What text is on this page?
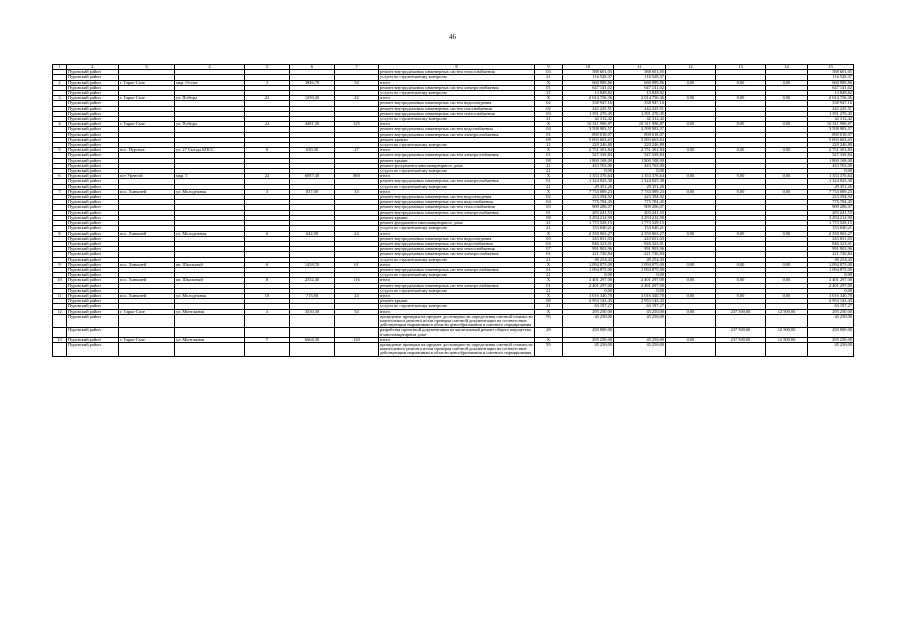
46
1	2	3	4	5	6	7	8	9	10	11	12	13	14	15
	Пуровский район						ремонт внутридомовых инженерных систем теплоснабжения	03	588 601,05	588 601,05				588 601,05
	Пуровский район						услуги по строительному контролю	21	116 528,37	116 528,37				116 528,37
2	Пуровский район	г. Тарко-Сале	мкр. Геолог	3	3846,70	54	итого	X	660 989,86	660 989,86	0,00	0,00	0,00	660 989,86
	Пуровский район						ремонт внутридомовых инженерных систем электроснабжения	01	647 141,02	647 141,02				647 141,02
	Пуровский район						услуги по строительному контролю	21	13 848,82	13 848,82				13 848,82
3	Пуровский район	г. Тарко-Сале	ул. Победы	22	1250,20	22	итого	X	2 014 756,36	2 014 756,36	0,00	0,00	0,00	2 014 756,36
	Пуровский район						ремонт внутридомовых инженерных систем водоотведения	02	338 947,16	338 947,16				338 947,16
	Пуровский район						ремонт внутридомовых инженерных систем газоснабжения	02	242 225,51	242 225,51				242 225,51
	Пуровский район						ремонт внутридомовых инженерных систем теплоснабжения	03	1 391 270,45	1 391 270,45				1 391 270,45
	Пуровский район						услуги по строительному контролю	21	42 312,42	42 312,42				42 312,42
4	Пуровский район	г. Тарко-Сале	ул. Победы	22	4481,30	125	итого	X	10 311 996,87	10 311 996,87	0,00	0,00	0,00	10 311 996,87
	Пуровский район						ремонт внутридомовых инженерных систем водоснабжения	04	3 598 983,57	3 598 983,57				3 598 983,57
	Пуровский район						ремонт внутридомовых инженерных систем электроснабжения	01	890 018,07	890 018,07				890 018,07
	Пуровский район						ремонт кровли	08	5 003 663,63	5 003 663,63				5 003 663,63
	Пуровский район						услуги по строительному контролю	21	220 246,80	220 246,80				220 246,80
5	Пуровский район	пос. Пуровск	ул. 27 Съезда КПСС	8	630,30	27	итого	X	2 751 301,84	2 751 301,84	0,00	0,00	0,00	2 751 301,84
	Пуровский район						ремонт внутридомовых инженерных систем электроснабжения	01	547 339,84	547 339,84				547 339,84
	Пуровский район						ремонт крыши	08	1 800 108,00	1 800 108,00				1 800 108,00
	Пуровский район						ремонт фундамента многоквартирного дома	21	443 763,00	443 763,00				443 763,00
	Пуровский район						услуги по строительному контролю	21	0,00	0,00				0,00
6	Пуровский район	пгт Уренгой	мкр. 5	22	6087,40	860	итого	X	1 353 376,64	1 353 376,64	0,00	0,00	0,00	1 353 376,64
	Пуровский район						ремонт внутридомовых инженерных систем электроснабжения	01	1 324 025,38	1 324 025,38				1 324 025,38
	Пуровский район						услуги по строительному контролю	21	29 351,26	29 351,26				29 351,26
7	Пуровский район	пос. Ханымей	ул. Молодежная	3	837,00	33	итого	X	7 733 089,23	7 733 089,23	0,00	0,00	0,00	7 733 089,23
	Пуровский район						ремонт внутридомовых инженерных систем водоотведения	02	223 394,92	223 394,92				223 394,92
	Пуровский район						ремонт внутридомовых инженерных систем водоснабжения	04	775 784,45	775 784,45				775 784,45
	Пуровский район						ремонт внутридомовых инженерных систем теплоснабжения	03	909 206,07	909 206,07				909 206,07
	Пуровский район						ремонт внутридомовых инженерных систем электроснабжения	01	203 241,53	203 241,53				203 241,53
	Пуровский район						ремонт крыши	08	3 294 212,90	3 294 212,90				3 294 212,90
	Пуровский район						ремонт фундамента многоквартирного дома	21	1 773 529,15	1 773 529,15				1 773 529,15
	Пуровский район						услуги по строительному контролю	21	153 640,21	153 640,21				153 640,21
8	Пуровский район	пос. Ханымей	ул. Молодежная	6	642,00	24	итого	X	2 350 963,27	2 350 963,27	0,00	0,00	0,00	2 350 963,27
	Пуровский район						ремонт внутридомовых инженерных систем водоотведения	05	243 651,03	243 651,03				243 651,03
	Пуровский район						ремонт внутридомовых инженерных систем водоснабжения	04	846 323,01	846 323,01				846 323,01
	Пуровский район						ремонт внутридомовых инженерных систем теплоснабжения	07	991 903,96	991 903,96				991 903,96
	Пуровский район						ремонт внутридомовых инженерных систем электроснабжения	01	221 720,84	221 720,84				221 720,84
	Пуровский район						услуги по строительному контролю	21	49 254,43	49 254,43				49 254,43
9	Пуровский район	пос. Ханымей	кв. Школьный	6	1458,70	61	итого	X	1 094 875,00	1 094 875,00	0,00	0,00	0,00	1 094 875,00
	Пуровский район						ремонт внутридомовых инженерных систем электроснабжения	01	1 094 875,00	1 094 875,00				1 094 875,00
	Пуровский район						услуги по строительному контролю	21	0,00	0,00				0,00
10	Пуровский район	пос. Ханымей	кв. Школьный	8	2532,40	116	итого	X	2 401 297,00	2 401 297,00	0,00	0,00	0,00	2 401 297,00
	Пуровский район						ремонт внутридомовых инженерных систем электроснабжения	01	2 401 297,00	2 401 297,00				2 401 297,00
	Пуровский район						услуги по строительному контролю	21	0,00	0,00				0,00
11	Пуровский район	пос. Ханымей	ул. Молодежная	10	713,60	24	итого	X	3 016 340,70	3 016 340,70	0,00	0,00	0,00	3 016 340,70
	Пуровский район						ремонт крыши	08	2 953 143,43	2 953 143,43				2 953 143,43
	Пуровский район						услуги по строительному контролю	21	63 197,27	63 197,27				63 197,27
12	Пуровский район	г. Тарко-Сале	ул. Монтажная	3	3530,30	54	итого	X	295 250,00	45 250,00	0,00	237 500,00	12 500,00	295 250,00
	Пуровский район						проведение проверки на предмет достоверности определения сметной стоимости капитального ремонта и/или проверка сметной документации на соответствие действующим нормативам в области ценообразования и сметного нормирования	95	45 250,00	45 250,00				45 250,00
	Пуровский район						разработка проектной документации на капитальный ремонт общего имущества в многоквартирном доме	20	250 000,00			237 500,00	12 500,00	250 000,00
13	Пуровский район	г. Тарко-Сале	ул. Монтажная	7	6664,30	120	итого	X	295 250,00	45 250,00	0,00	237 500,00	12 500,00	295 250,00
	Пуровский район						проведение проверки на предмет достоверности определения сметной стоимости капитального ремонта и/или проверка сметной документации на соответствие действующим нормативам в области ценообразования и сметного нормирования	95	45 250,00	45 250,00				45 250,00
